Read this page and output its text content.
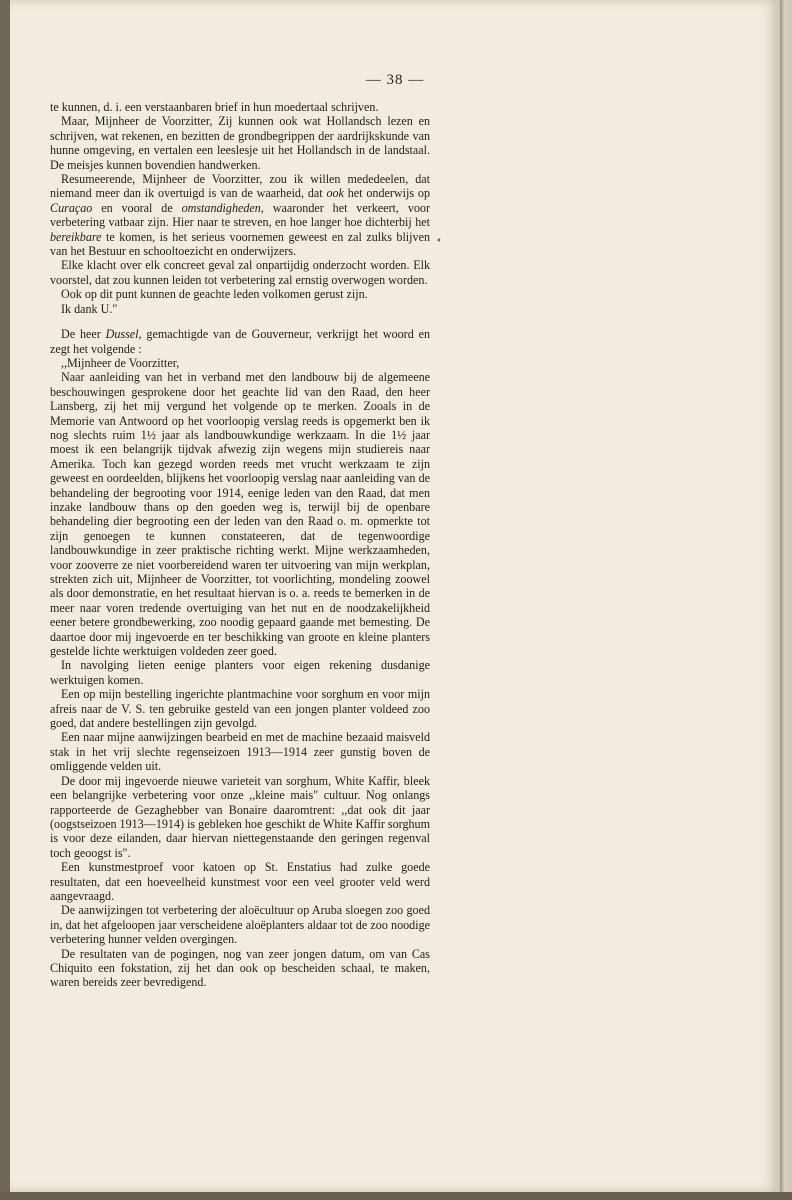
— 38 —

te kunnen, d. i. een verstaanbaren brief in hun moedertaal schrijven.

Maar, Mijnheer de Voorzitter, Zij kunnen ook wat Hollandsch lezen en schrijven, wat rekenen, en bezitten de grondbegrippen der aardrijkskunde van hunne omgeving, en vertalen een leeslesje uit het Hollandsch in de landstaal. De meisjes kunnen bovendien handwerken.

Resumeerende, Mijnheer de Voorzitter, zou ik willen mededeelen, dat niemand meer dan ik overtuigd is van de waarheid, dat ook het onderwijs op Curaçao en vooral de omstandigheden, waaronder het verkeert, voor verbetering vatbaar zijn. Hier naar te streven, en hoe langer hoe dichterbij het bereikbare te komen, is het serieus voornemen geweest en zal zulks blijven van het Bestuur en schooltoezicht en onderwijzers.

Elke klacht over elk concreet geval zal onpartijdig onderzocht worden. Elk voorstel, dat zou kunnen leiden tot verbetering zal ernstig overwogen worden.

Ook op dit punt kunnen de geachte leden volkomen gerust zijn.

Ik dank U."

De heer Dussel, gemachtigde van de Gouverneur, verkrijgt het woord en zegt het volgende :

,,Mijnheer de Voorzitter,

Naar aanleiding van het in verband met den landbouw bij de algemeene beschouwingen gesprokene door het geachte lid van den Raad, den heer Lansberg, zij het mij vergund het volgende op te merken. Zooals in de Memorie van Antwoord op het voorloopig verslag reeds is opgemerkt ben ik nog slechts ruim 1½ jaar als landbouwkundige werkzaam. In die 1½ jaar moest ik een belangrijk tijdvak afwezig zijn wegens mijn studiereis naar Amerika. Toch kan gezegd worden reeds met vrucht werkzaam te zijn geweest en oordeelden, blijkens het voorloopig verslag naar aanleiding van de behandeling der begrooting voor 1914, eenige leden van den Raad, dat men inzake landbouw thans op den goeden weg is, terwijl bij de openbare behandeling dier begrooting een der leden van den Raad o. m. opmerkte tot zijn genoegen te kunnen constateeren, dat de tegenwoordige landbouwkundige in zeer praktische richting werkt. Mijne werkzaamheden, voor zooverre ze niet voorbereidend waren ter uitvoering van mijn werkplan, strekten zich uit, Mijnheer de Voorzitter, tot voorlichting, mondeling zoowel als door demonstratie, en het resultaat hiervan is o. a. reeds te bemerken in de meer naar voren tredende overtuiging van het nut en de noodzakelijkheid eener betere grondbewerking, zoo noodig gepaard gaande met bemesting. De daartoe door mij ingevoerde en ter beschikking van groote en kleine planters gestelde lichte werktuigen voldeden zeer goed.

In navolging lieten eenige planters voor eigen rekening dusdanige werktuigen komen.

Een op mijn bestelling ingerichte plantmachine voor sorghum en voor mijn afreis naar de V. S. ten gebruike gesteld van een jongen planter voldeed zoo goed, dat andere bestellingen zijn gevolgd.

Een naar mijne aanwijzingen bearbeid en met de machine bezaaid maisveld stak in het vrij slechte regenseizoen 1913—1914 zeer gunstig boven de omliggende velden uit.

De door mij ingevoerde nieuwe varieteit van sorghum, White Kaffir, bleek een belangrijke verbetering voor onze ,,kleine mais" cultuur. Nog onlangs rapporteerde de Gezaghebber van Bonaire daaromtrent: ,,dat ook dit jaar (oogstseizoen 1913—1914) is gebleken hoe geschikt de White Kaffir sorghum is voor deze eilanden, daar hiervan niettegenstaande den geringen regenval toch geoogst is".

Een kunstmestproef voor katoen op St. Enstatius had zulke goede resultaten, dat een hoeveelheid kunstmest voor een veel grooter veld werd aangevraagd.

De aanwijzingen tot verbetering der aloëcultuur op Aruba sloegen zoo goed in, dat het afgeloopen jaar verscheidene aloëplanters aldaar tot de zoo noodige verbetering hunner velden overgingen.

De resultaten van de pogingen, nog van zeer jongen datum, om van Cas Chiquito een fokstation, zij het dan ook op bescheiden schaal, te maken, waren bereids zeer bevredigend.

•
